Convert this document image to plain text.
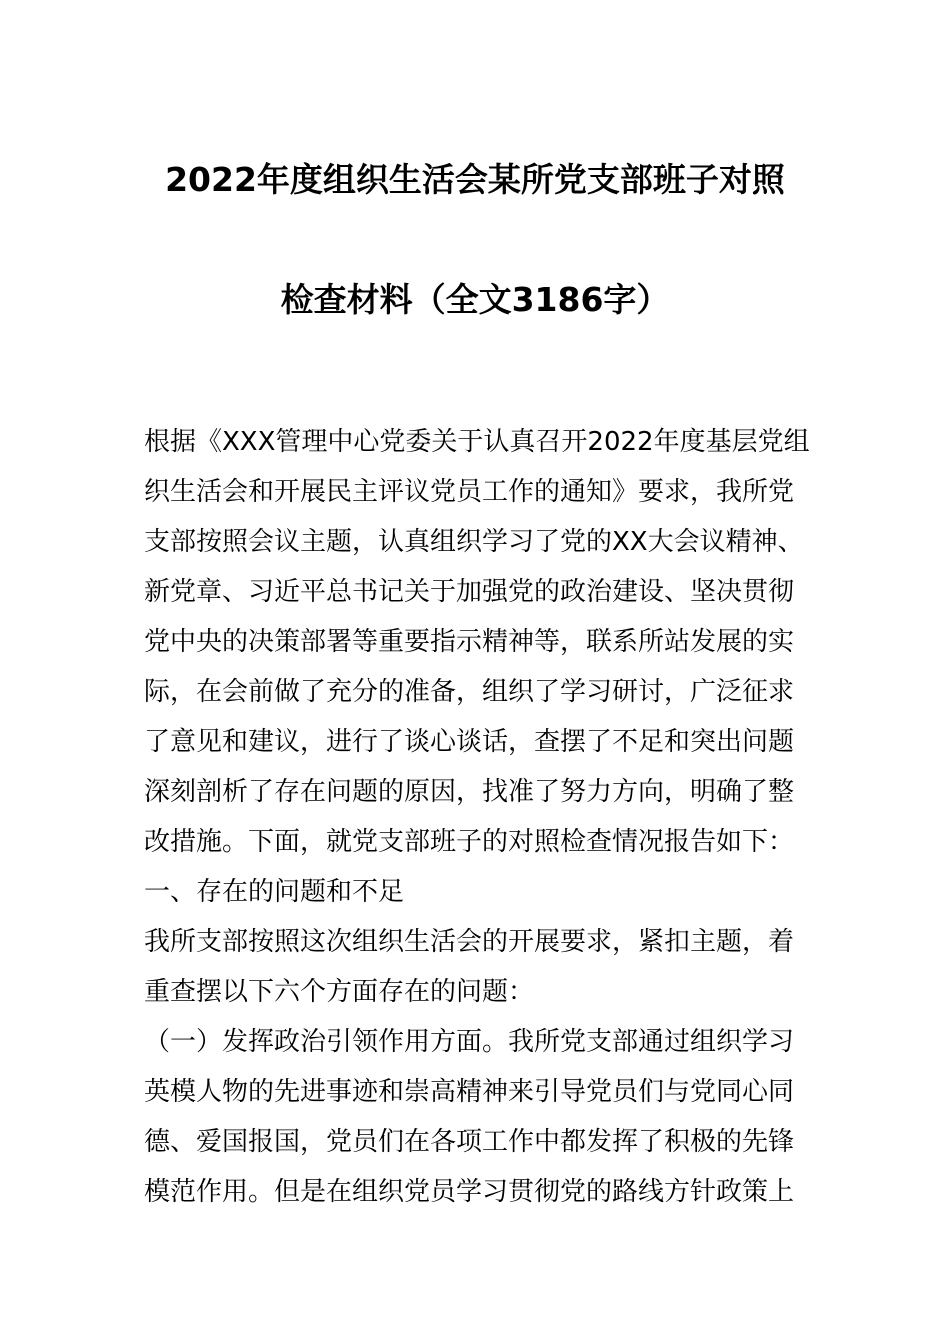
2022年度组织生活会某所党支部班子对照
检查材料（全文3186字）
根据《XXX管理中心党委关于认真召开2022年度基层党组
织生活会和开展民主评议党员工作的通知》要求，我所党
支部按照会议主题，认真组织学习了党的XX大会议精神、
新党章、习近平总书记关于加强党的政治建设、坚决贯彻
党中央的决策部署等重要指示精神等，联系所站发展的实
际，在会前做了充分的准备，组织了学习研讨，广泛征求
了意见和建议，进行了谈心谈话，查摆了不足和突出问题
深刻剖析了存在问题的原因，找准了努力方向，明确了整
改措施。下面，就党支部班子的对照检查情况报告如下：
一、存在的问题和不足
我所支部按照这次组织生活会的开展要求，紧扣主题，着
重查摆以下六个方面存在的问题：
（一）发挥政治引领作用方面。我所党支部通过组织学习
英模人物的先进事迹和崇高精神来引导党员们与党同心同
德、爱国报国，党员们在各项工作中都发挥了积极的先锋
模范作用。但是在组织党员学习贯彻党的路线方针政策上
